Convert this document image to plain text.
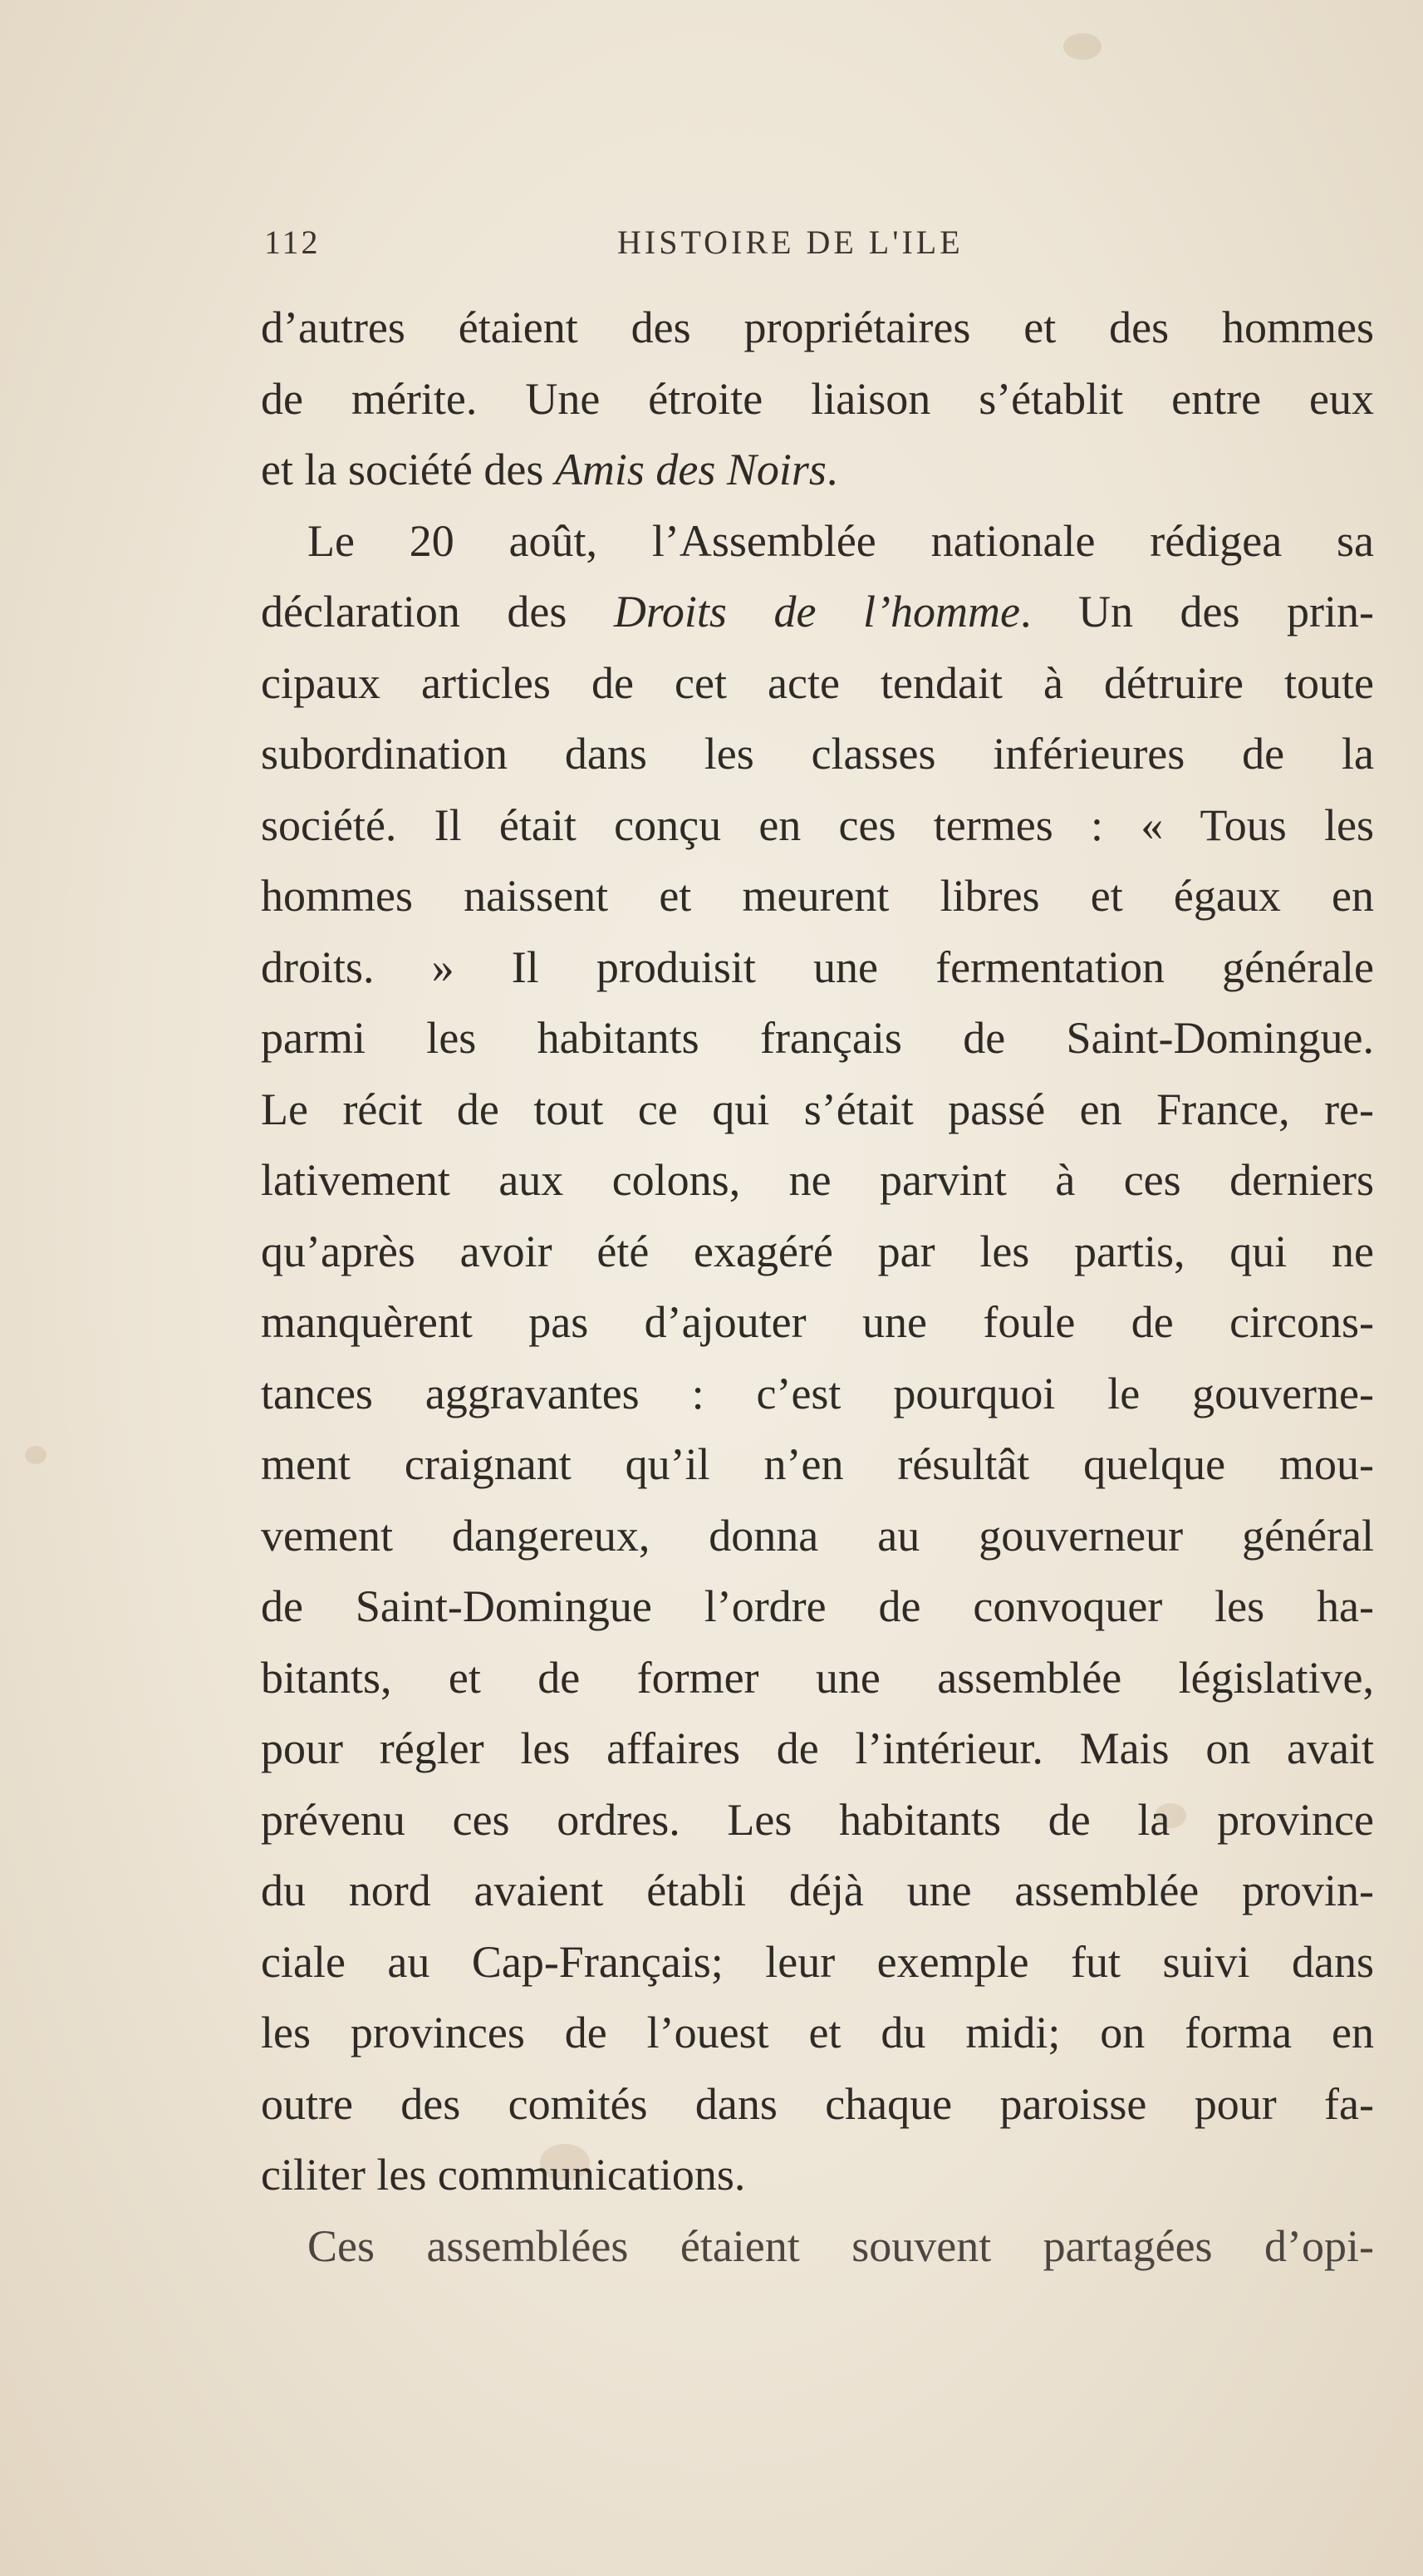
112	HISTOIRE DE L'ILE
d’autres étaient des propriétaires et des hommes
de mérite. Une étroite liaison s’établit entre eux
et la société des Amis des Noirs.
Le 20 août, l’Assemblée nationale rédigea sa
déclaration des Droits de l’homme. Un des prin-
cipaux articles de cet acte tendait à détruire toute
subordination dans les classes inférieures de la
société. Il était conçu en ces termes : « Tous les
hommes naissent et meurent libres et égaux en
droits. » Il produisit une fermentation générale
parmi les habitants français de Saint-Domingue.
Le récit de tout ce qui s’était passé en France, re-
lativement aux colons, ne parvint à ces derniers
qu’après avoir été exagéré par les partis, qui ne
manquèrent pas d’ajouter une foule de circons-
tances aggravantes : c’est pourquoi le gouverne-
ment craignant qu’il n’en résultât quelque mou-
vement dangereux, donna au gouverneur général
de Saint-Domingue l’ordre de convoquer les ha-
bitants, et de former une assemblée législative,
pour régler les affaires de l’intérieur. Mais on avait
prévenu ces ordres. Les habitants de la province
du nord avaient établi déjà une assemblée provin-
ciale au Cap-Français; leur exemple fut suivi dans
les provinces de l’ouest et du midi; on forma en
outre des comités dans chaque paroisse pour fa-
ciliter les communications.
Ces assemblées étaient souvent partagées d’opi-
